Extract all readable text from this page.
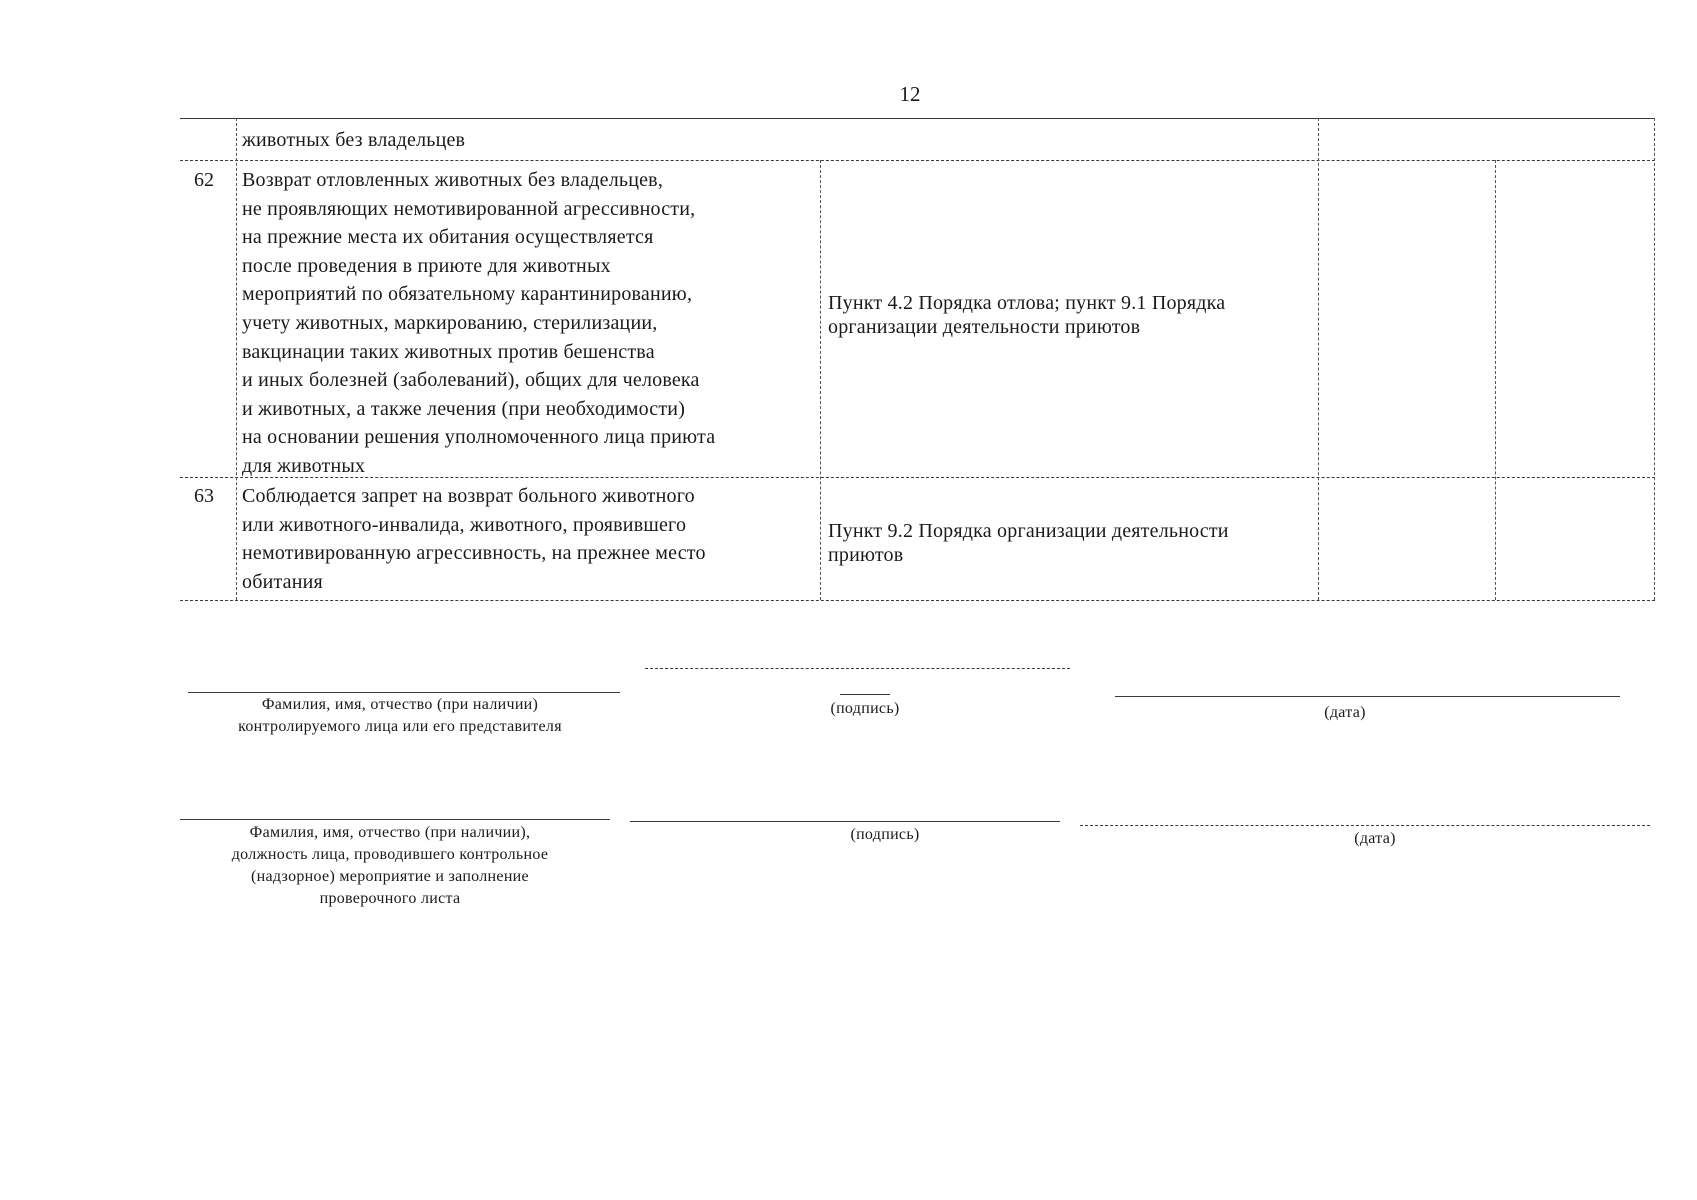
12
животных без владельцев
62 Возврат отловленных животных без владельцев,
не проявляющих немотивированной агрессивности,
на прежние места их обитания осуществляется
после проведения в приюте для животных
мероприятий по обязательному карантинированию,
учету животных, маркированию, стерилизации,
вакцинации таких животных против бешенства
и иных болезней (заболеваний), общих для человека
и животных, а также лечения (при необходимости)
на основании решения уполномоченного лица приюта
для животных
Пункт 4.2 Порядка отлова; пункт 9.1 Порядка
организации деятельности приютов
63 Соблюдается запрет на возврат больного животного
или животного-инвалида, животного, проявившего
немотивированную агрессивность, на прежнее место
обитания
Пункт 9.2 Порядка организации деятельности
приютов
Фамилия, имя, отчество (при наличии)
контролируемого лица или его представителя
(подпись)	(дата)
Фамилия, имя, отчество (при наличии),
должность лица, проводившего контрольное
(надзорное) мероприятие и заполнение
проверочного листа
(подпись)	(дата)
